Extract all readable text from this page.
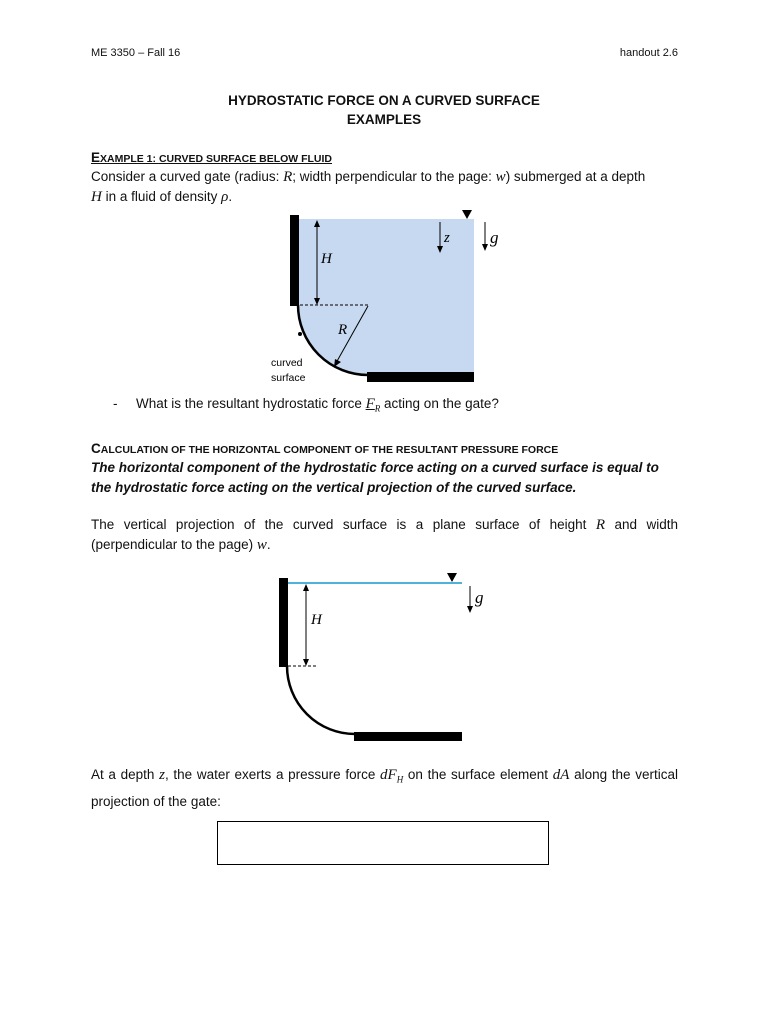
ME 3350 – Fall 16	handout 2.6
HYDROSTATIC FORCE ON A CURVED SURFACE
EXAMPLES
EXAMPLE 1: CURVED SURFACE BELOW FLUID
Consider a curved gate (radius: R; width perpendicular to the page: w) submerged at a depth
H in a fluid of density ρ.
z g
H
R
curved
surface
- What is the resultant hydrostatic force $F_R$ acting on the gate?
CALCULATION OF THE HORIZONTAL COMPONENT OF THE RESULTANT PRESSURE FORCE
The horizontal component of the hydrostatic force acting on a curved surface is equal to the hydrostatic force acting on the vertical projection of the curved surface.
The vertical projection of the curved surface is a plane surface of height R and width (perpendicular to the page) w.
H
g
At a depth z, the water exerts a pressure force $dF_H$ on the surface element dA along the vertical projection of the gate:
